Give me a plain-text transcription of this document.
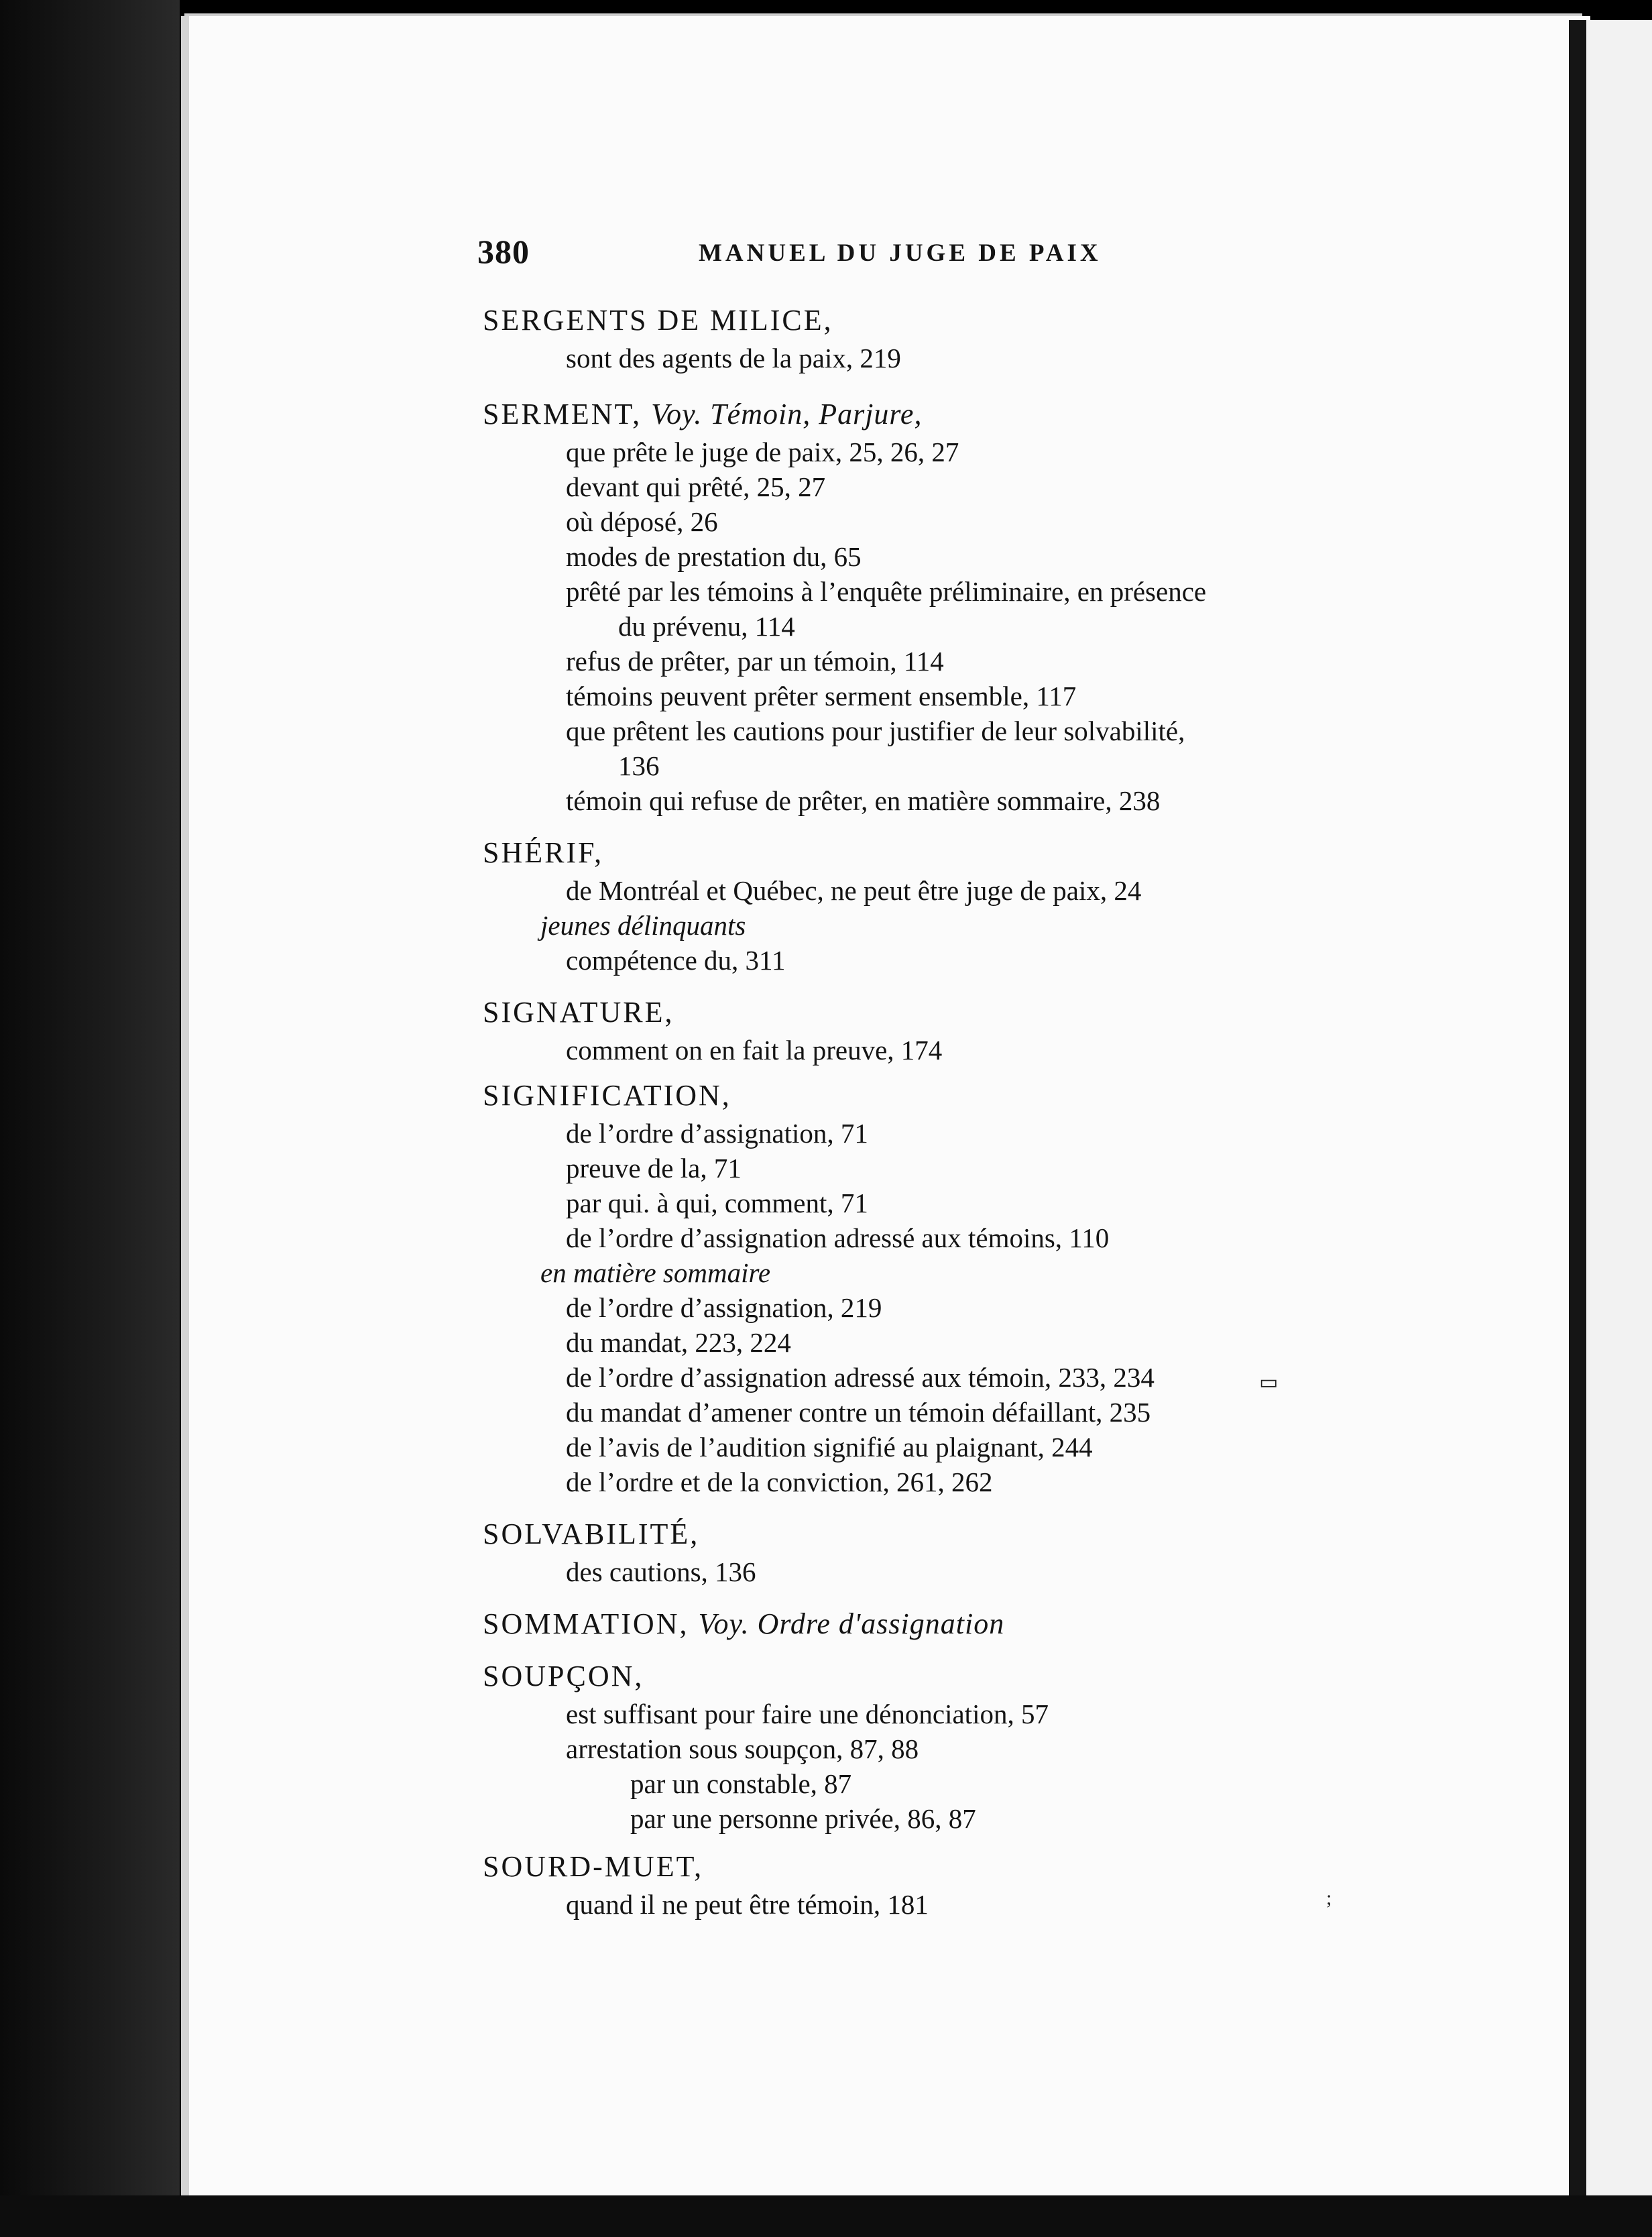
380	MANUEL DU JUGE DE PAIX
SERGENTS DE MILICE,
sont des agents de la paix, 219
SERMENT, Voy. Témoin, Parjure,
que prête le juge de paix, 25, 26, 27
devant qui prêté, 25, 27
où déposé, 26
modes de prestation du, 65
prêté par les témoins à l’enquête préliminaire, en présence
du prévenu, 114
refus de prêter, par un témoin, 114
témoins peuvent prêter serment ensemble, 117
que prêtent les cautions pour justifier de leur solvabilité,
136
témoin qui refuse de prêter, en matière sommaire, 238
SHÉRIF,
de Montréal et Québec, ne peut être juge de paix, 24
jeunes délinquants
compétence du, 311
SIGNATURE,
comment on en fait la preuve, 174
SIGNIFICATION,
de l’ordre d’assignation, 71
preuve de la, 71
par qui. à qui, comment, 71
de l’ordre d’assignation adressé aux témoins, 110
en matière sommaire
de l’ordre d’assignation, 219
du mandat, 223, 224
de l’ordre d’assignation adressé aux témoin, 233, 234
du mandat d’amener contre un témoin défaillant, 235
de l’avis de l’audition signifié au plaignant, 244
de l’ordre et de la conviction, 261, 262
SOLVABILITÉ,
des cautions, 136
SOMMATION, Voy. Ordre d'assignation
SOUPÇON,
est suffisant pour faire une dénonciation, 57
arrestation sous soupçon, 87, 88
par un constable, 87
par une personne privée, 86, 87
SOURD-MUET,
quand il ne peut être témoin, 181
▭
;
